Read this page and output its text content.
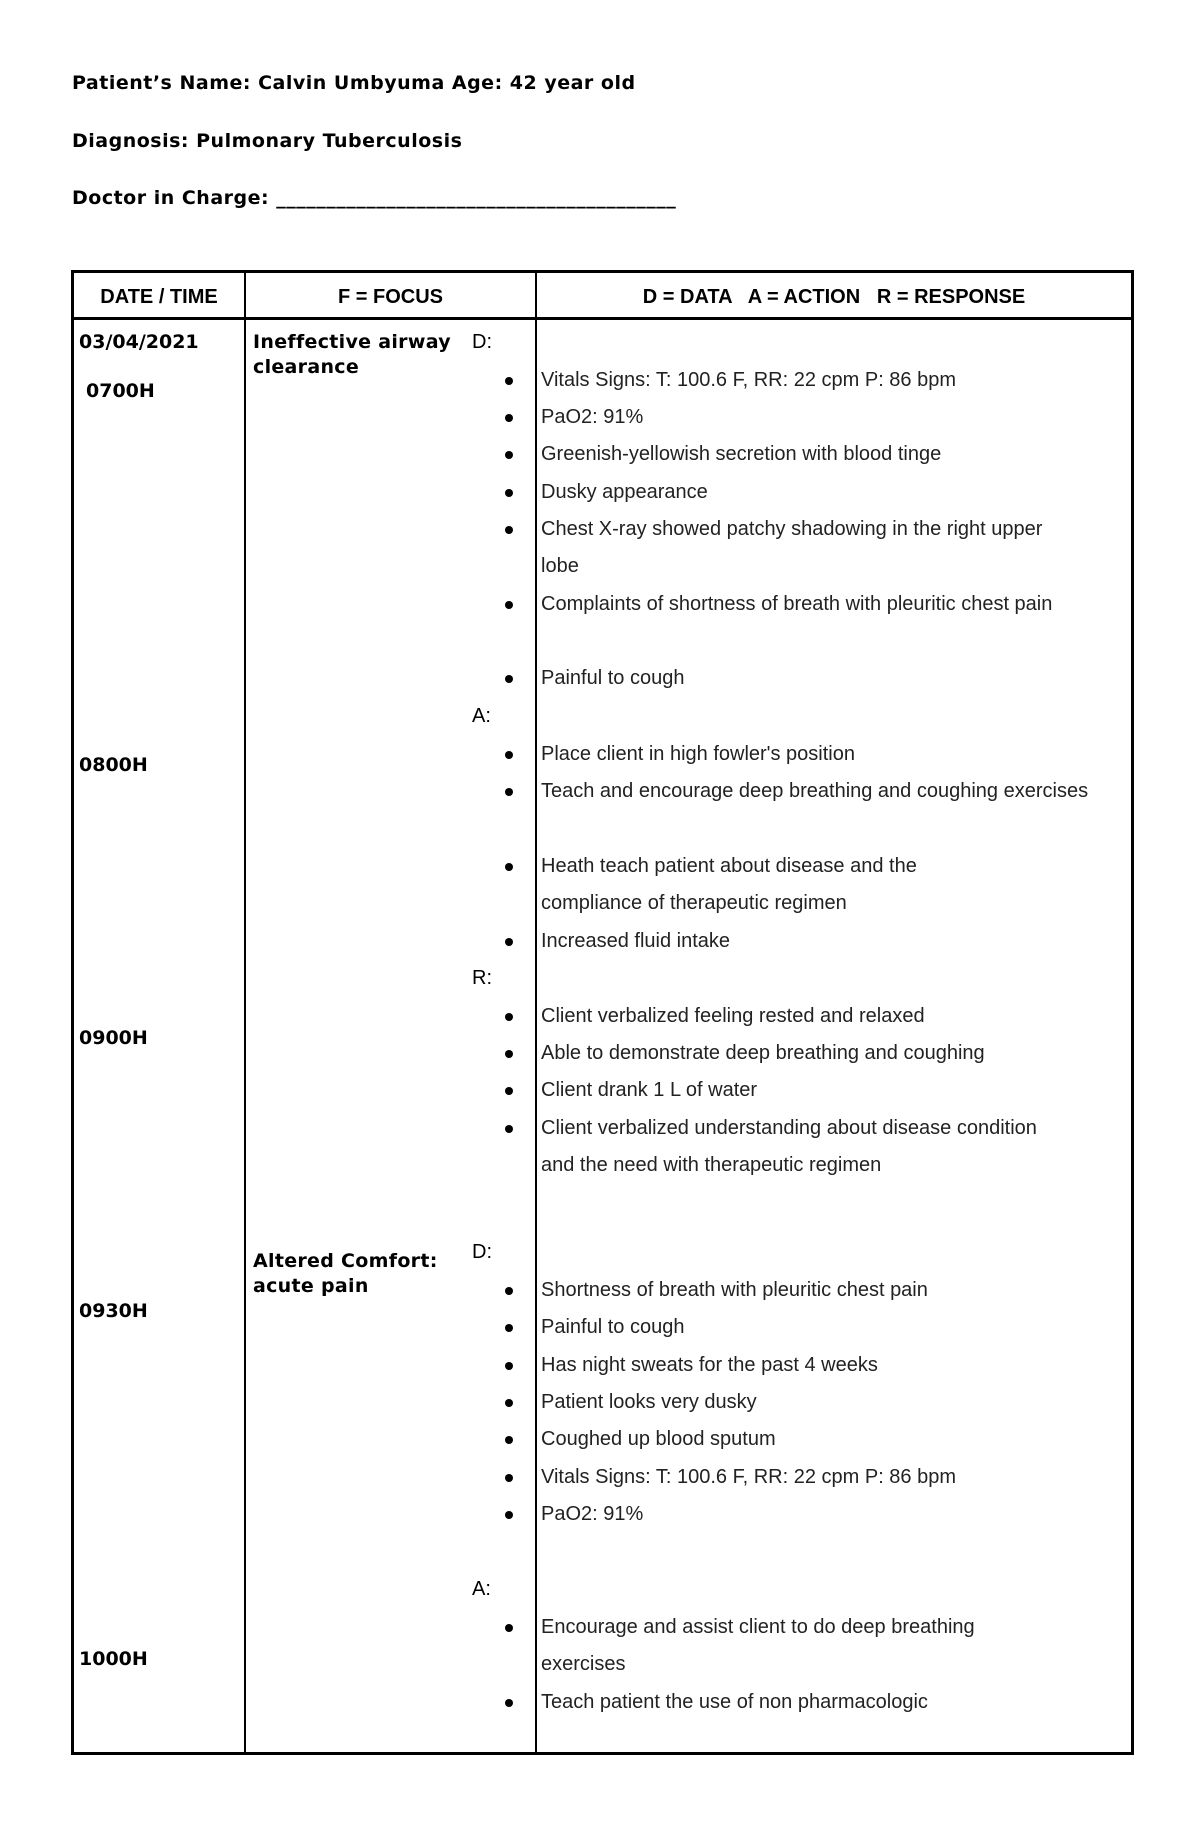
Patient’s Name: Calvin Umbyuma Age: 42 year old
Diagnosis: Pulmonary Tuberculosis
Doctor in Charge: ________________________________________
DATE / TIME	F = FOCUS	D = DATA   A = ACTION   R = RESPONSE
03/04/2021
0700H
0800H
0900H
0930H
1000H
Ineffective airway clearance
Altered Comfort: acute pain
D:
A:
R:
D:
A:
Vitals Signs: T: 100.6 F, RR: 22 cpm P: 86 bpm
PaO2: 91%
Greenish-yellowish secretion with blood tinge
Dusky appearance
Chest X-ray showed patchy shadowing in the right upper lobe
Complaints of shortness of breath with pleuritic chest pain
Painful to cough
Place client in high fowler's position
Teach and encourage deep breathing and coughing exercises
Heath teach patient about disease and the compliance of therapeutic regimen
Increased fluid intake
Client verbalized feeling rested and relaxed
Able to demonstrate deep breathing and coughing
Client drank 1 L of water
Client verbalized understanding about disease condition and the need with therapeutic regimen
Shortness of breath with pleuritic chest pain
Painful to cough
Has night sweats for the past 4 weeks
Patient looks very dusky
Coughed up blood sputum
Vitals Signs: T: 100.6 F, RR: 22 cpm P: 86 bpm
PaO2: 91%
Encourage and assist client to do deep breathing exercises
Teach patient the use of non pharmacologic
